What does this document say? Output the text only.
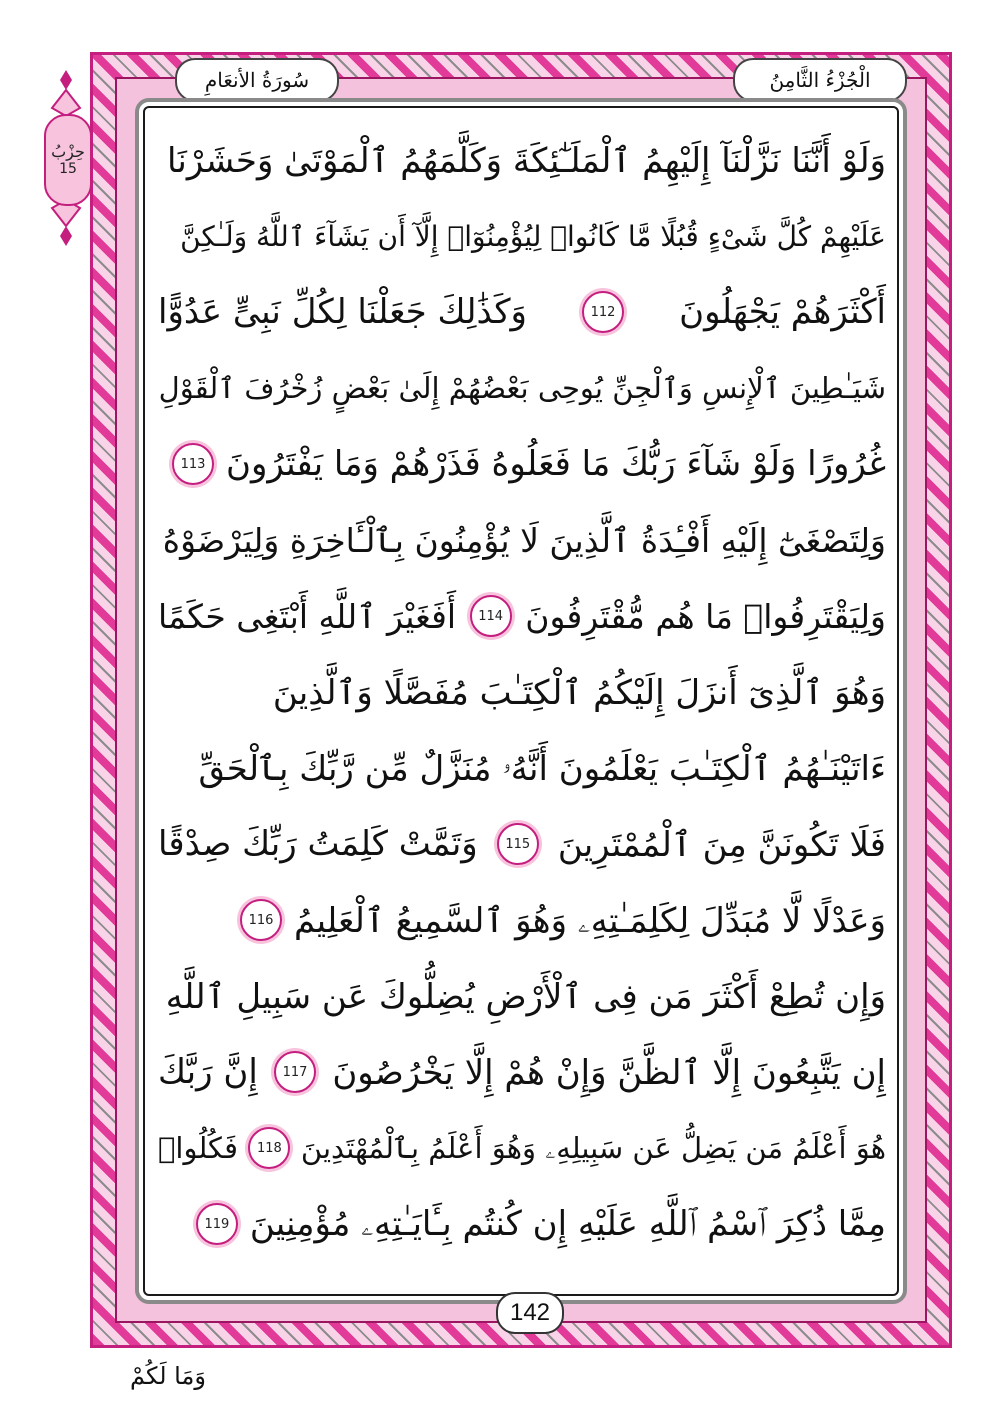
حِزْبُ
15
الْجُزْءُ الثَّامِنُ
سُورَةُ الأنعَامِ
وَلَوْ أَنَّنَا نَزَّلْنَآ إِلَيْهِمُ ٱلْمَلَـٰٓئِكَةَ وَكَلَّمَهُمُ ٱلْمَوْتَىٰ وَحَشَرْنَا
عَلَيْهِمْ كُلَّ شَىْءٍ قُبُلًا مَّا كَانُوا۟ لِيُؤْمِنُوٓا۟ إِلَّآ أَن يَشَآءَ ٱللَّهُ وَلَـٰكِنَّ
أَكْثَرَهُمْ يَجْهَلُونَ
112
وَكَذَٰلِكَ جَعَلْنَا لِكُلِّ نَبِىٍّ عَدُوًّا
شَيَـٰطِينَ ٱلْإِنسِ وَٱلْجِنِّ يُوحِى بَعْضُهُمْ إِلَىٰ بَعْضٍ زُخْرُفَ ٱلْقَوْلِ
غُرُورًا وَلَوْ شَآءَ رَبُّكَ مَا فَعَلُوهُ فَذَرْهُمْ وَمَا يَفْتَرُونَ
113
وَلِتَصْغَىٰٓ إِلَيْهِ أَفْـِٔدَةُ ٱلَّذِينَ لَا يُؤْمِنُونَ بِٱلْـَٔاخِرَةِ وَلِيَرْضَوْهُ
وَلِيَقْتَرِفُوا۟ مَا هُم مُّقْتَرِفُونَ
114
أَفَغَيْرَ ٱللَّهِ أَبْتَغِى حَكَمًا
وَهُوَ ٱلَّذِىٓ أَنزَلَ إِلَيْكُمُ ٱلْكِتَـٰبَ مُفَصَّلًا وَٱلَّذِينَ
ءَاتَيْنَـٰهُمُ ٱلْكِتَـٰبَ يَعْلَمُونَ أَنَّهُۥ مُنَزَّلٌ مِّن رَّبِّكَ بِٱلْحَقِّ
فَلَا تَكُونَنَّ مِنَ ٱلْمُمْتَرِينَ
115
وَتَمَّتْ كَلِمَتُ رَبِّكَ صِدْقًا
وَعَدْلًا لَّا مُبَدِّلَ لِكَلِمَـٰتِهِۦ وَهُوَ ٱلسَّمِيعُ ٱلْعَلِيمُ
116
وَإِن تُطِعْ أَكْثَرَ مَن فِى ٱلْأَرْضِ يُضِلُّوكَ عَن سَبِيلِ ٱللَّهِ
إِن يَتَّبِعُونَ إِلَّا ٱلظَّنَّ وَإِنْ هُمْ إِلَّا يَخْرُصُونَ
117
إِنَّ رَبَّكَ
هُوَ أَعْلَمُ مَن يَضِلُّ عَن سَبِيلِهِۦ وَهُوَ أَعْلَمُ بِٱلْمُهْتَدِينَ
118
فَكُلُوا۟
مِمَّا ذُكِرَ ٱسْمُ ٱللَّهِ عَلَيْهِ إِن كُنتُم بِـَٔايَـٰتِهِۦ مُؤْمِنِينَ
119
142
وَمَا لَكُمْ
